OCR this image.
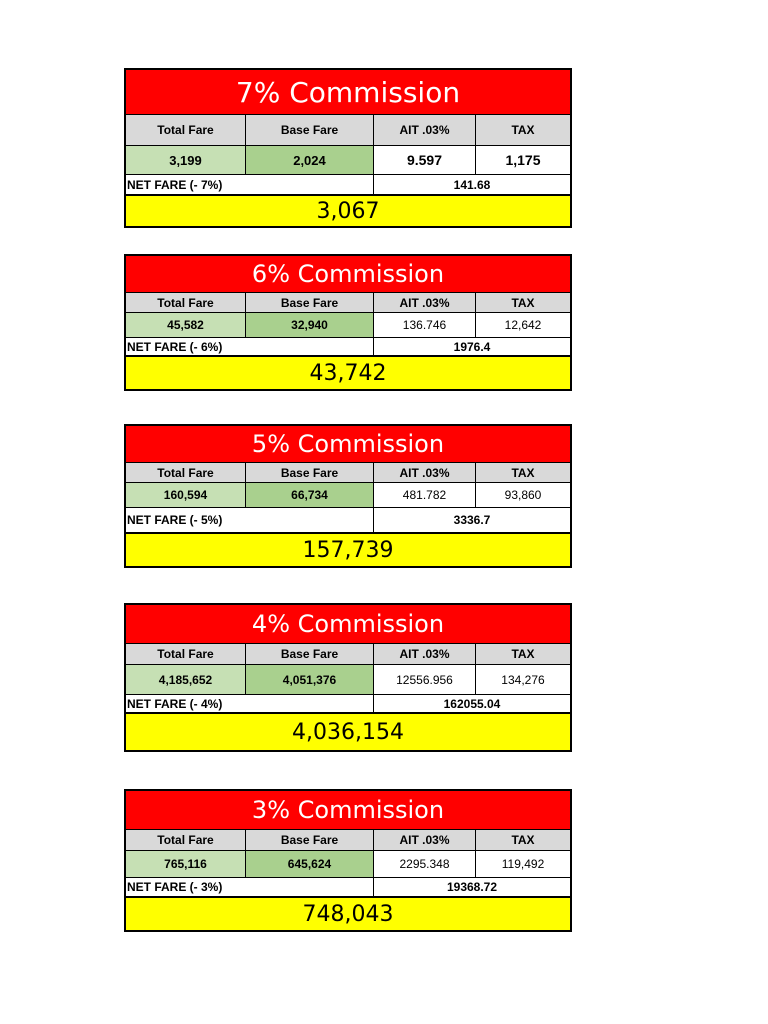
7% Commission
Total Fare	Base Fare	AIT .03%	TAX
3,199	2,024	9.597	1,175
NET FARE (- 7%)	141.68
3,067
6% Commission
Total Fare	Base Fare	AIT .03%	TAX
45,582	32,940	136.746	12,642
NET FARE (- 6%)	1976.4
43,742
5% Commission
Total Fare	Base Fare	AIT .03%	TAX
160,594	66,734	481.782	93,860
NET FARE (- 5%)	3336.7
157,739
4% Commission
Total Fare	Base Fare	AIT .03%	TAX
4,185,652	4,051,376	12556.956	134,276
NET FARE (- 4%)	162055.04
4,036,154
3% Commission
Total Fare	Base Fare	AIT .03%	TAX
765,116	645,624	2295.348	119,492
NET FARE (- 3%)	19368.72
748,043
